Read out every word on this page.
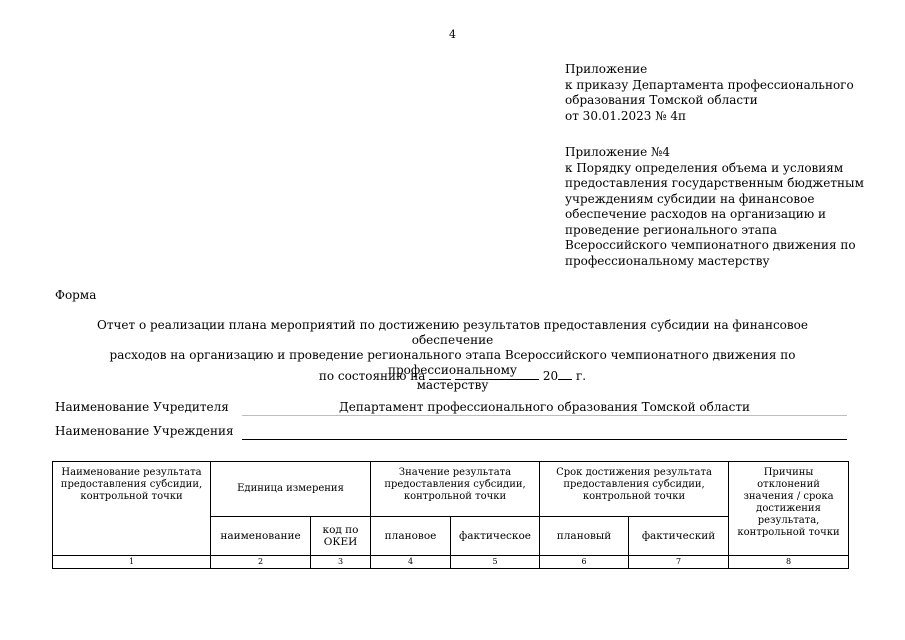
4
Приложение
к приказу Департамента профессионального
образования Томской области
от 30.01.2023 № 4п
Приложение №4
к Порядку определения объема и условиям
предоставления государственным бюджетным
учреждениям субсидии на финансовое
обеспечение расходов на организацию и
проведение регионального этапа
Всероссийского чемпионатного движения по
профессиональному мастерству
Форма
Отчет о реализации плана мероприятий по достижению результатов предоставления субсидии на финансовое обеспечение
расходов на организацию и проведение регионального этапа Всероссийского чемпионатного движения по профессиональному
мастерству
по состоянию на	20 г.
Наименование Учредителя	Департамент профессионального образования Томской области
Наименование Учреждения
Наименование результата предоставления субсидии, контрольной точки	Единица измерения		Значение результата предоставления субсидии, контрольной точки		Срок достижения результата предоставления субсидии, контрольной точки		Причины отклонений значения / срока достижения результата, контрольной точки
	наименование	код по ОКЕИ	плановое	фактическое	плановый	фактический	
1	2	3	4	5	6	7	8
